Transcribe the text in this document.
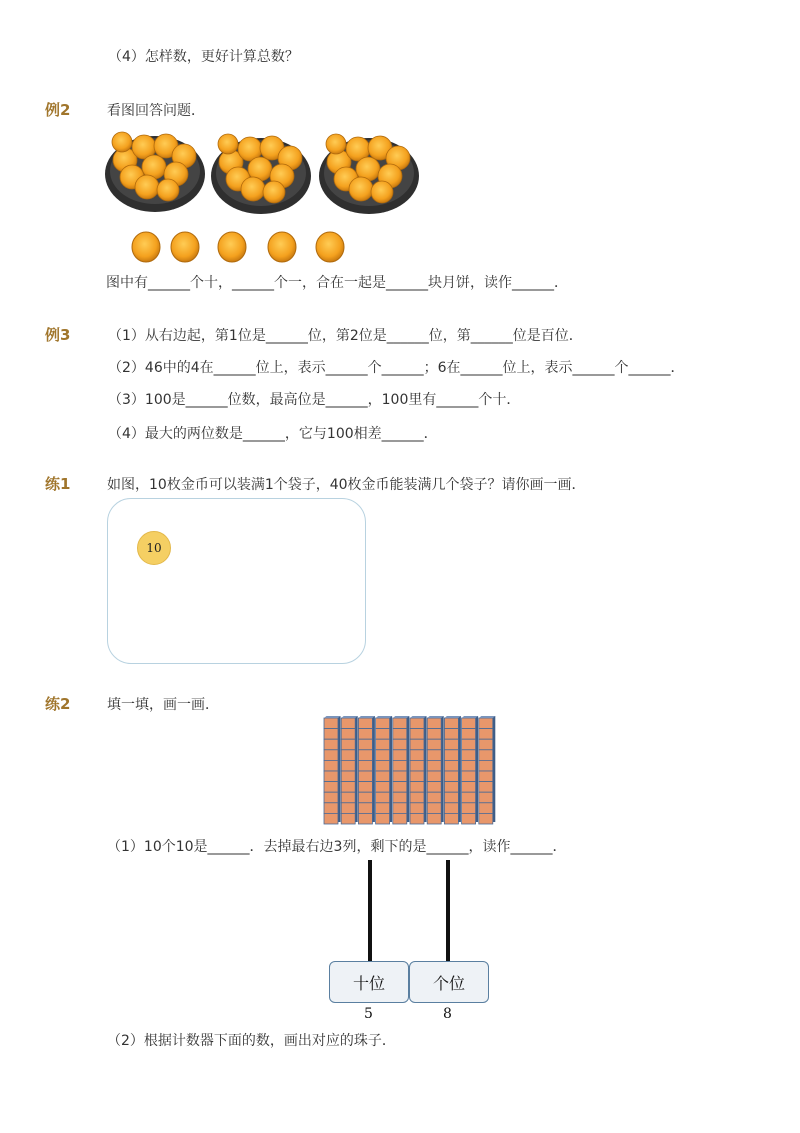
（4）怎样数，更好计算总数？
例2	看图回答问题．
图中有______个十，______个一，合在一起是______块月饼，读作______．
例3	（1）从右边起，第1位是______位，第2位是______位，第______位是百位．
（2）46中的4在______位上，表示______个______；6在______位上，表示______个______．
（3）100是______位数，最高位是______，100里有______个十．
（4）最大的两位数是______，它与100相差______．
练1	如图，10枚金币可以装满1个袋子，40枚金币能装满几个袋子？请你画一画．
10
练2	填一填，画一画．
（1）10个10是______．去掉最右边3列，剩下的是______，读作______．
十位	个位
5	8
（2）根据计数器下面的数，画出对应的珠子．
